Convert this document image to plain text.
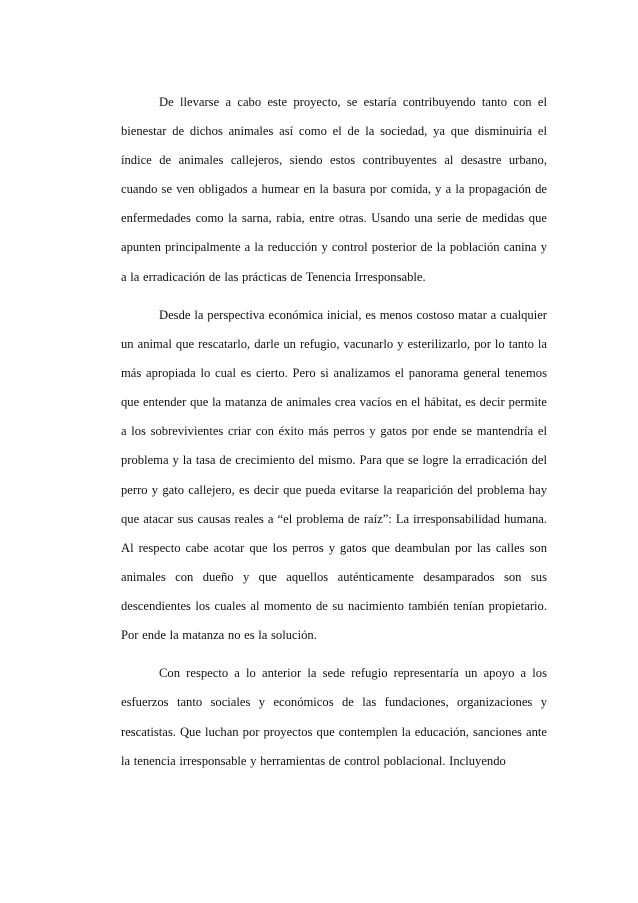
De llevarse a cabo este proyecto, se estaría contribuyendo tanto con el bienestar de dichos animales así como el de la sociedad, ya que disminuiría el índice de animales callejeros, siendo estos contribuyentes al desastre urbano, cuando se ven obligados a humear en la basura por comida, y a la propagación de enfermedades como la sarna, rabia, entre otras. Usando una serie de medidas que apunten principalmente a la reducción y control posterior de la población canina y a la erradicación de las prácticas de Tenencia Irresponsable.

Desde la perspectiva económica inicial, es menos costoso matar a cualquier un animal que rescatarlo, darle un refugio, vacunarlo y esterilizarlo, por lo tanto la más apropiada lo cual es cierto. Pero si analizamos el panorama general tenemos que entender que la matanza de animales crea vacíos en el hábitat, es decir permite a los sobrevivientes criar con éxito más perros y gatos por ende se mantendría el problema y la tasa de crecimiento del mismo. Para que se logre la erradicación del perro y gato callejero, es decir que pueda evitarse la reaparición del problema hay que atacar sus causas reales a “el problema de raíz”: La irresponsabilidad humana. Al respecto cabe acotar que los perros y gatos que deambulan por las calles son animales con dueño y que aquellos auténticamente desamparados son sus descendientes los cuales al momento de su nacimiento también tenían propietario. Por ende la matanza no es la solución.

Con respecto a lo anterior la sede refugio representaría un apoyo a los esfuerzos tanto sociales y económicos de las fundaciones, organizaciones y rescatistas. Que luchan por proyectos que contemplen la educación, sanciones ante la tenencia irresponsable y herramientas de control poblacional. Incluyendo
